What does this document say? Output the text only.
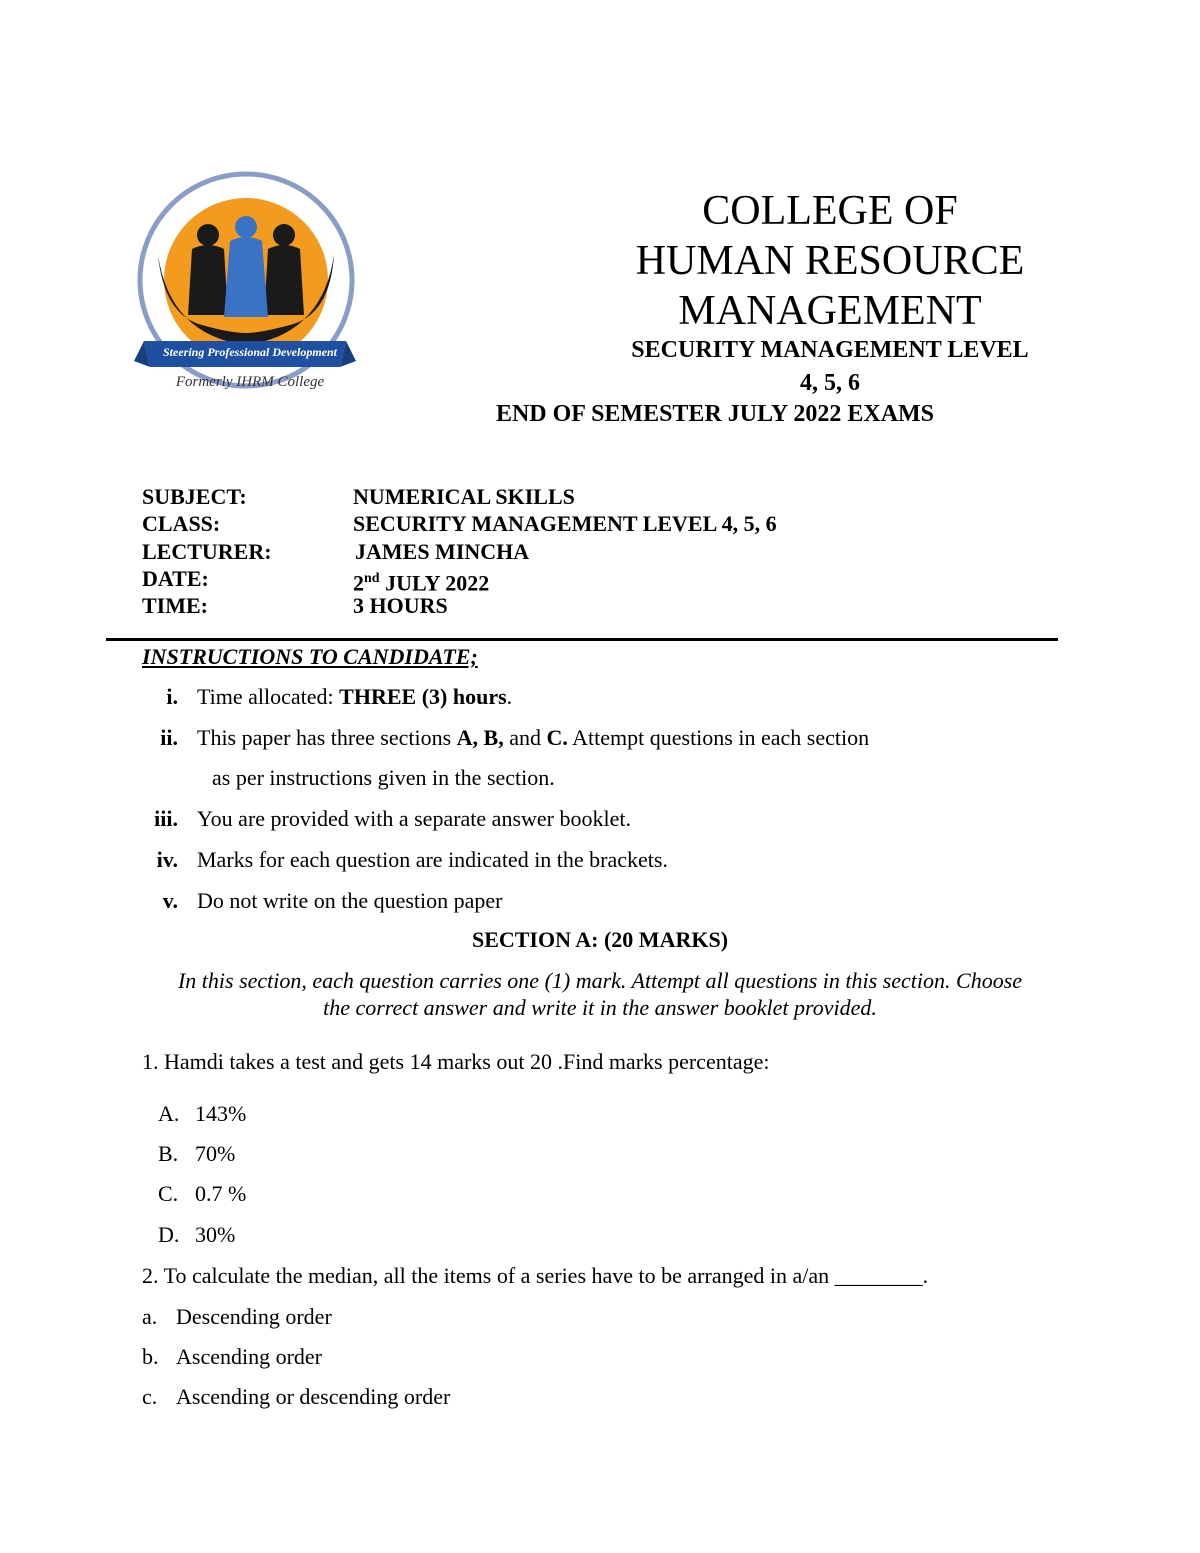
Steering Professional Development
Formerly IHRM College
COLLEGE OF
HUMAN RESOURCE
MANAGEMENT
SECURITY MANAGEMENT LEVEL
4, 5, 6
END OF SEMESTER JULY 2022 EXAMS
SUBJECT:	NUMERICAL SKILLS
CLASS:	SECURITY MANAGEMENT LEVEL 4, 5, 6
LECTURER:	JAMES MINCHA
DATE:	2nd JULY 2022
TIME:	3 HOURS
INSTRUCTIONS TO CANDIDATE;
i. Time allocated: THREE (3) hours.
ii. This paper has three sections A, B, and C. Attempt questions in each section
as per instructions given in the section.
iii. You are provided with a separate answer booklet.
iv. Marks for each question are indicated in the brackets.
v. Do not write on the question paper
SECTION A: (20 MARKS)
In this section, each question carries one (1) mark. Attempt all questions in this section. Choose
the correct answer and write it in the answer booklet provided.
1. Hamdi takes a test and gets 14 marks out 20 .Find marks percentage:
A. 143%
B. 70%
C. 0.7 %
D. 30%
2. To calculate the median, all the items of a series have to be arranged in a/an ________.
a. Descending order
b. Ascending order
c. Ascending or descending order
